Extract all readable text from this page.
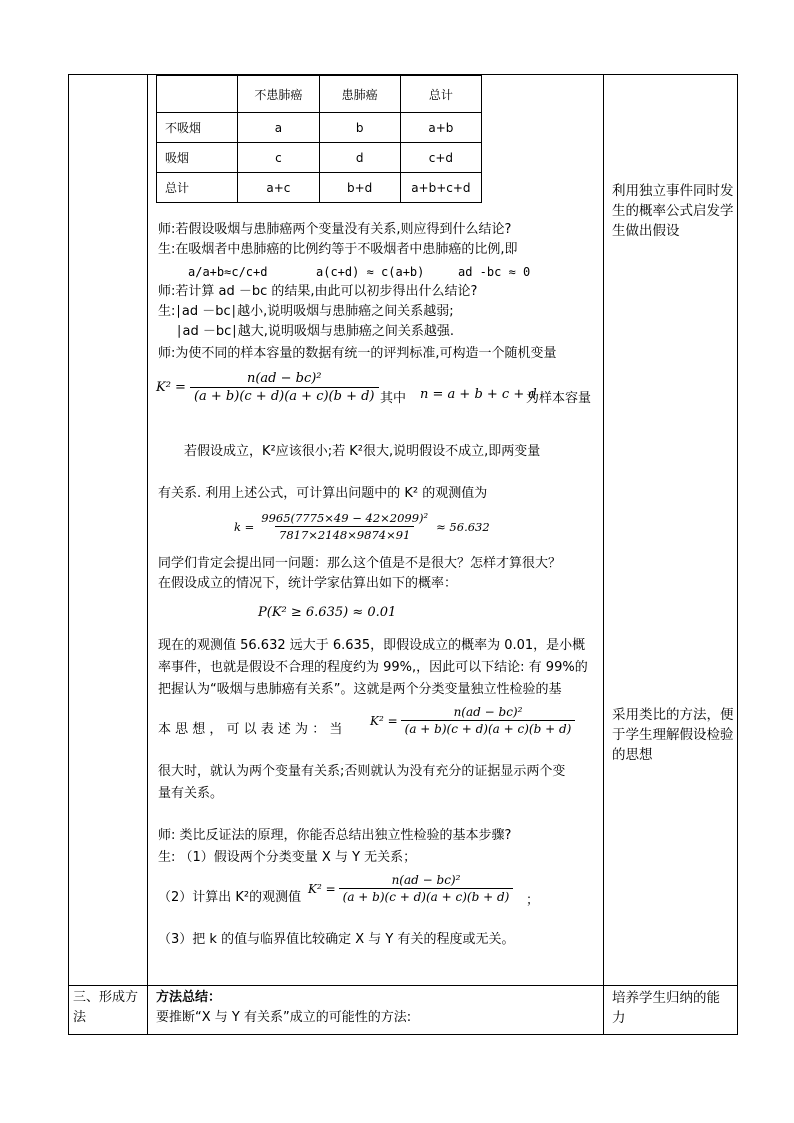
	不患肺癌	患肺癌	总计
不吸烟	a	b	a+b
吸烟	c	d	c+d
总计	a+c	b+d	a+b+c+d
师:若假设吸烟与患肺癌两个变量没有关系,则应得到什么结论?
生:在吸烟者中患肺癌的比例约等于不吸烟者中患肺癌的比例,即
a/a+b≈c/c+d	a(c+d) ≈ c(a+b)	ad -bc ≈ 0
师:若计算 ad －bc 的结果,由此可以初步得出什么结论?
生:∣ad －bc∣越小,说明吸烟与患肺癌之间关系越弱;
∣ad －bc∣越大,说明吸烟与患肺癌之间关系越强.
师:为使不同的样本容量的数据有统一的评判标准,可构造一个随机变量
$K^2 = \frac{\text{n(ad − bc)²}}{(a + b)(c + d)(a + c)(b + d)}$ 其中 n = a + b + c + d
为样本容量
若假设成立，K²应该很小;若 K²很大,说明假设不成立,即两变量
有关系. 利用上述公式，可计算出问题中的 K² 的观测值为
$k = \frac{\text{9965(7775×49 − 42×2099)²}}{7817\times 2148\times 9874\times 91} \approx 56.632$
同学们肯定会提出同一问题：那么这个值是不是很大？怎样才算很大？
在假设成立的情况下，统计学家估算出如下的概率：
P(K² ≥ 6.635) ≈ 0.01
现在的观测值 56.632 远大于 6.635，即假设成立的概率为 0.01，是小概
率事件，也就是假设不合理的程度约为 99%,，因此可以下结论: 有 99%的
把握认为“吸烟与患肺癌有关系”。这就是两个分类变量独立性检验的基
本 思 想 ， 可 以 表 述 为 ： 当
$K^2 = \frac{\text{n(ad − bc)²}}{(a + b)(c + d)(a + c)(b + d)}$
很大时，就认为两个变量有关系;否则就认为没有充分的证据显示两个变
量有关系。
师: 类比反证法的原理，你能否总结出独立性检验的基本步骤?
生: （1）假设两个分类变量 X 与 Y 无关系；
（2）计算出 K²的观测值
$K^2 = \frac{\text{n(ad − bc)²}}{(a + b)(c + d)(a + c)(b + d)}$ ；
（3）把 k 的值与临界值比较确定 X 与 Y 有关的程度或无关。

利用独立事件同时发生的概率公式启发学生做出假设
采用类比的方法，便于学生理解假设检验的思想

三、形成方法

方法总结：
要推断“X 与 Y 有关系”成立的可能性的方法:

培养学生归纳的能力
